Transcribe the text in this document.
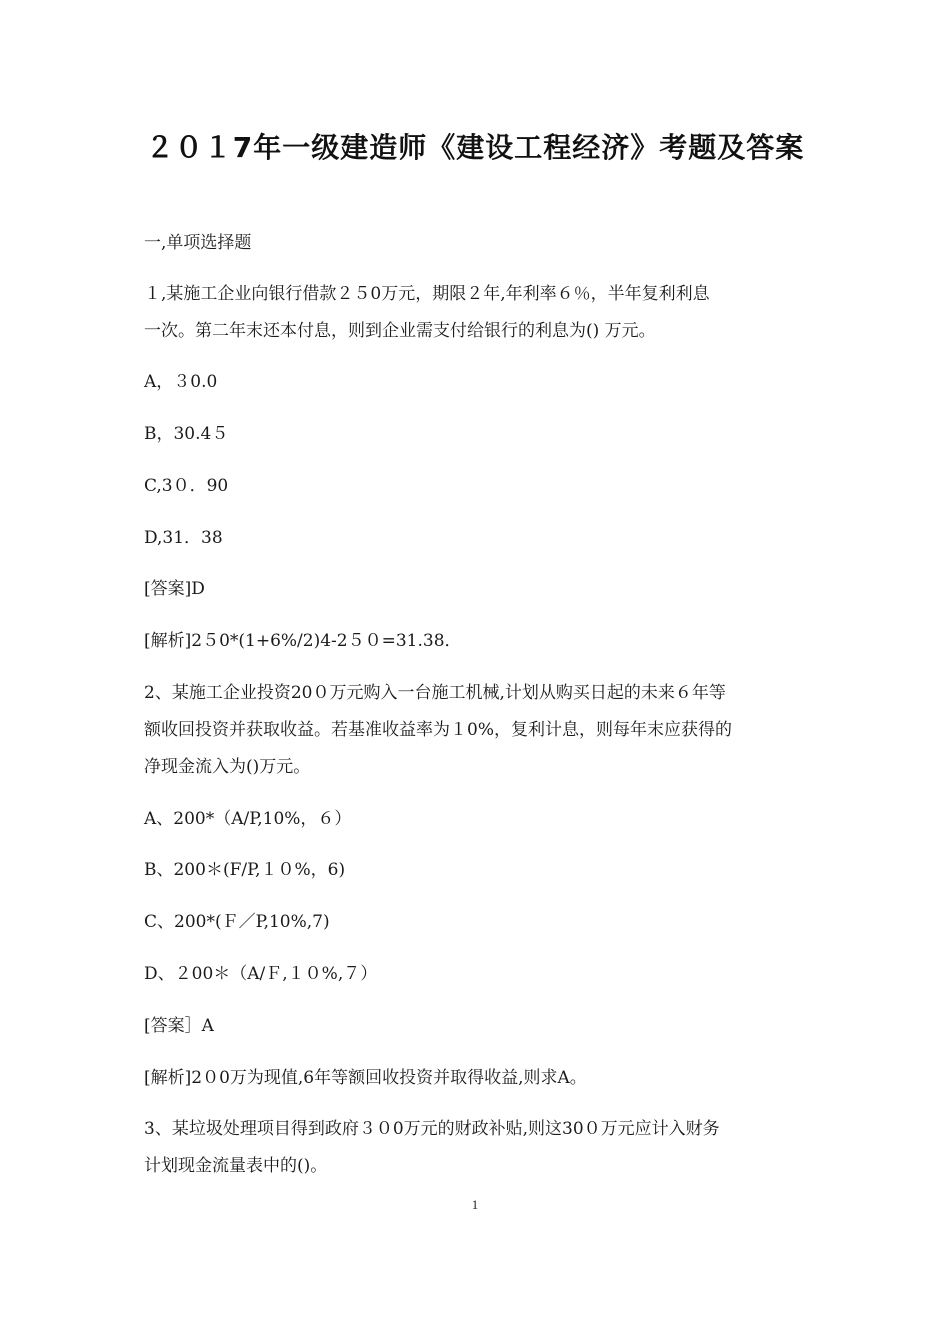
２０１7年一级建造师《建设工程经济》考题及答案
一,单项选择题
１,某施工企业向银行借款２５0万元，期限２年,年利率６％，半年复利利息
一次。第二年末还本付息，则到企业需支付给银行的利息为() 万元。
A，３0.0
B，30.4５
C,3０．90
D,31．38
[答案]D
[解析]2５0*(1+6%/2)4-2５０=31.38．
2、某施工企业投资20０万元购入一台施工机械,计划从购买日起的未来６年等
额收回投资并获取收益。若基准收益率为１0%，复利计息，则每年末应获得的
净现金流入为()万元。
A、200*（A/P,10%，６）
B、200＊(F/P,１０%，6)
C、200*(Ｆ／P,10%,7)
D、２00＊（A/Ｆ,１０%,７）
[答案］A
[解析]2０0万为现值,6年等额回收投资并取得收益,则求A。
3、某垃圾处理项目得到政府３０0万元的财政补贴,则这30０万元应计入财务
计划现金流量表中的()。
1
